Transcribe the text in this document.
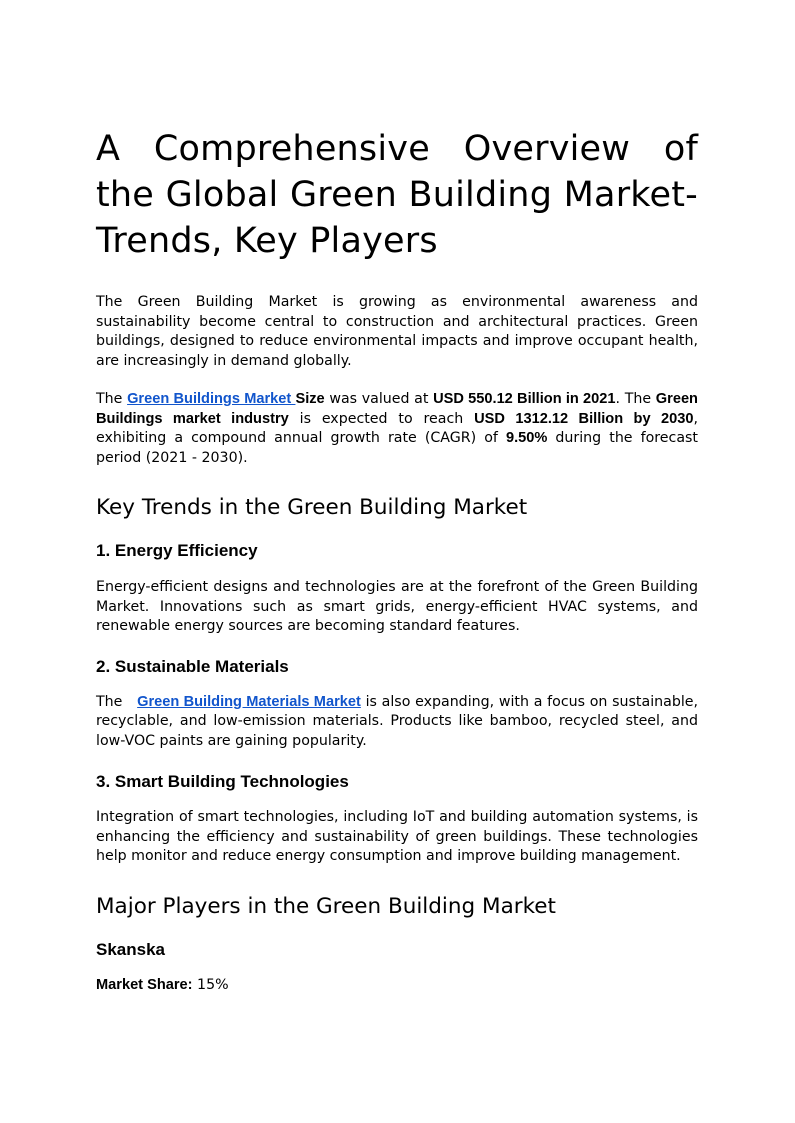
A Comprehensive Overview of the Global Green Building Market- Trends, Key Players

The Green Building Market is growing as environmental awareness and sustainability become central to construction and architectural practices. Green buildings, designed to reduce environmental impacts and improve occupant health, are increasingly in demand globally.

The Green Buildings Market Size was valued at USD 550.12 Billion in 2021. The Green Buildings market industry is expected to reach USD 1312.12 Billion by 2030, exhibiting a compound annual growth rate (CAGR) of 9.50% during the forecast period (2021 - 2030).

Key Trends in the Green Building Market
1. Energy Efficiency

Energy-efficient designs and technologies are at the forefront of the Green Building Market. Innovations such as smart grids, energy-efficient HVAC systems, and renewable energy sources are becoming standard features.

2. Sustainable Materials

The Green Building Materials Market is also expanding, with a focus on sustainable, recyclable, and low-emission materials. Products like bamboo, recycled steel, and low-VOC paints are gaining popularity.

3. Smart Building Technologies

Integration of smart technologies, including IoT and building automation systems, is enhancing the efficiency and sustainability of green buildings. These technologies help monitor and reduce energy consumption and improve building management.

Major Players in the Green Building Market
Skanska

Market Share: 15%
